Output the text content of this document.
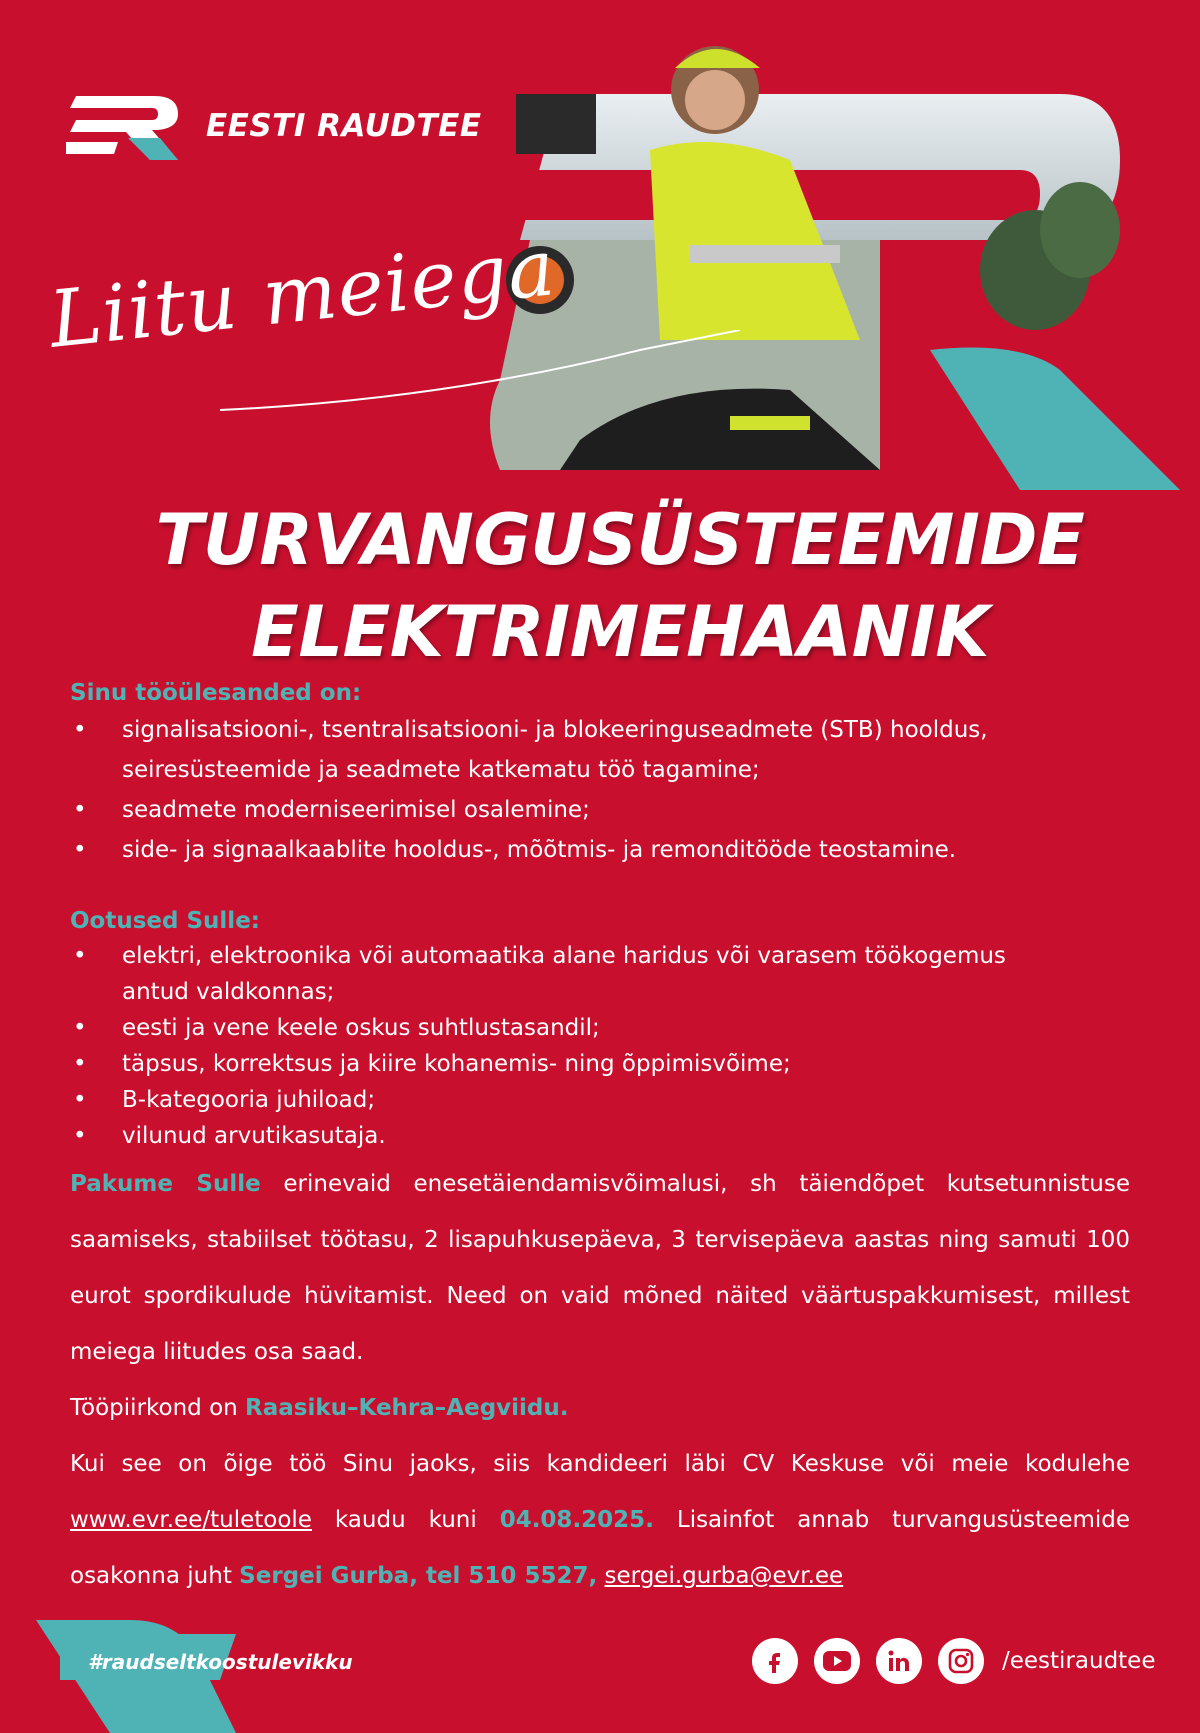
EESTI RAUDTEE
Liitu meiega
TURVANGUSÜSTEEMIDE
ELEKTRIMEHAANIK
Sinu tööülesanded on:
• signalisatsiooni-, tsentralisatsiooni- ja blokeeringuseadmete (STB) hooldus,
seiresüsteemide ja seadmete katkematu töö tagamine;
• seadmete moderniseerimisel osalemine;
• side- ja signaalkaablite hooldus-, mõõtmis- ja remonditööde teostamine.
Ootused Sulle:
• elektri, elektroonika või automaatika alane haridus või varasem töökogemus
antud valdkonnas;
• eesti ja vene keele oskus suhtlustasandil;
• täpsus, korrektsus ja kiire kohanemis- ning õppimisvõime;
• B-kategooria juhiload;
• vilunud arvutikasutaja.

Pakume Sulle erinevaid enesetäiendamisvõimalusi, sh täiendõpet kutsetunnistuse saamiseks, stabiilset töötasu, 2 lisapuhkusepäeva, 3 tervisepäeva aastas ning samuti 100 eurot spordikulude hüvitamist. Need on vaid mõned näited väärtuspakkumisest, millest meiega liitudes osa saad.

Tööpiirkond on Raasiku–Kehra–Aegviidu.

Kui see on õige töö Sinu jaoks, siis kandideeri läbi CV Keskuse või meie kodulehe www.evr.ee/tuletoole kaudu kuni 04.08.2025. Lisainfot annab turvangusüsteemide osakonna juht Sergei Gurba, tel 510 5527, sergei.gurba@evr.ee

#raudseltkoostulevikku	/eestiraudtee
